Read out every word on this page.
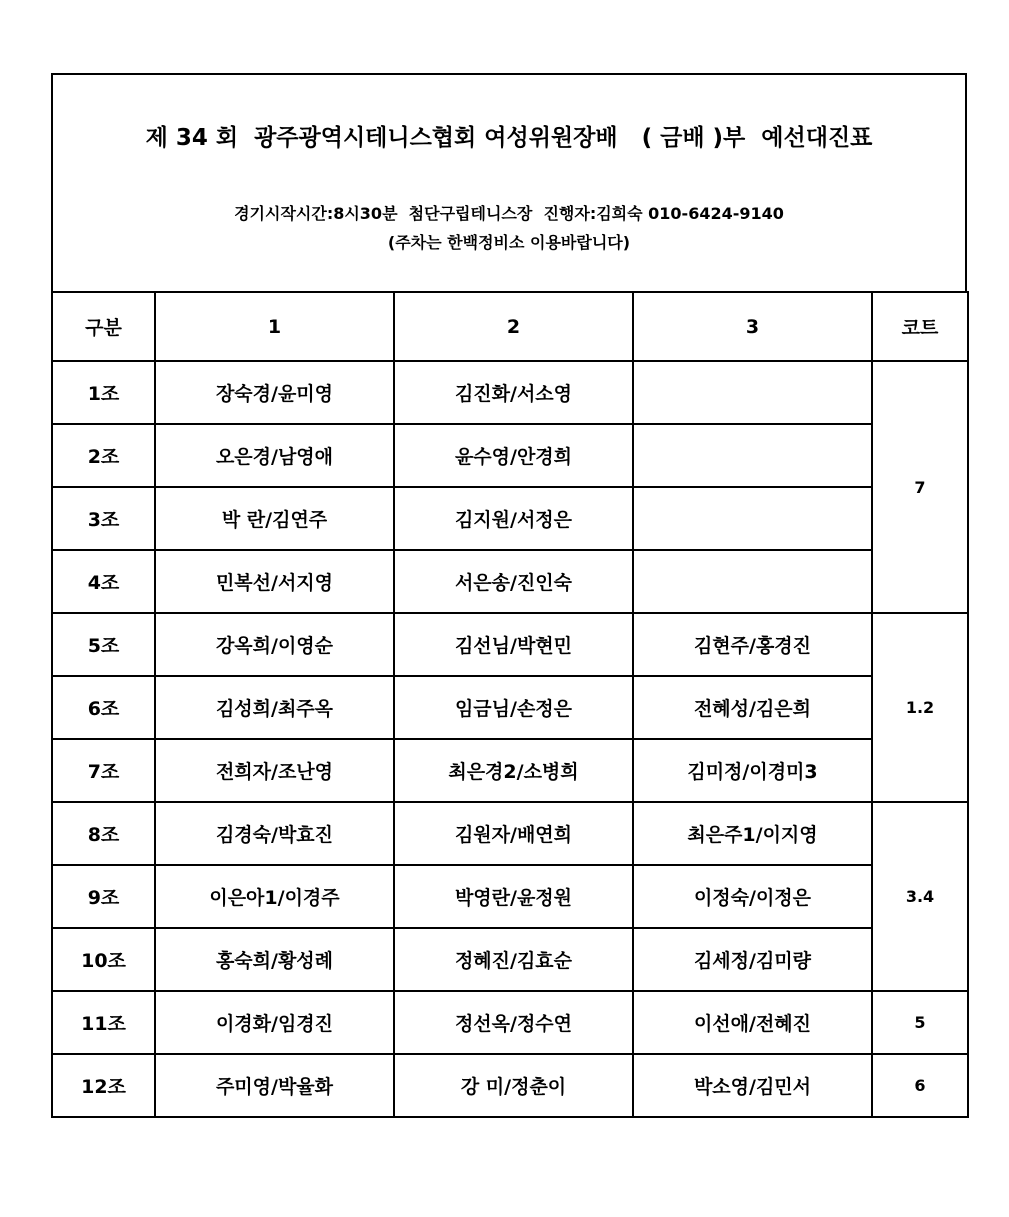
제 34 회  광주광역시테니스협회 여성위원장배   ( 금배 )부  예선대진표
경기시작시간:8시30분  첨단구립테니스장  진행자:김희숙 010-6424-9140
(주차는 한백정비소 이용바랍니다)
구분	1	2	3	코트
1조	장숙경/윤미영	김진화/서소영		7
2조	오은경/남영애	윤수영/안경희		
3조	박 란/김연주	김지원/서정은		
4조	민복선/서지영	서은송/진인숙		
5조	강옥희/이영순	김선님/박현민	김현주/홍경진	1.2
6조	김성희/최주옥	임금님/손정은	전혜성/김은희	
7조	전희자/조난영	최은경2/소병희	김미정/이경미3	
8조	김경숙/박효진	김원자/배연희	최은주1/이지영	3.4
9조	이은아1/이경주	박영란/윤정원	이정숙/이정은	
10조	홍숙희/황성례	정혜진/김효순	김세정/김미량	
11조	이경화/임경진	정선옥/정수연	이선애/전혜진	5
12조	주미영/박율화	강 미/정춘이	박소영/김민서	6
